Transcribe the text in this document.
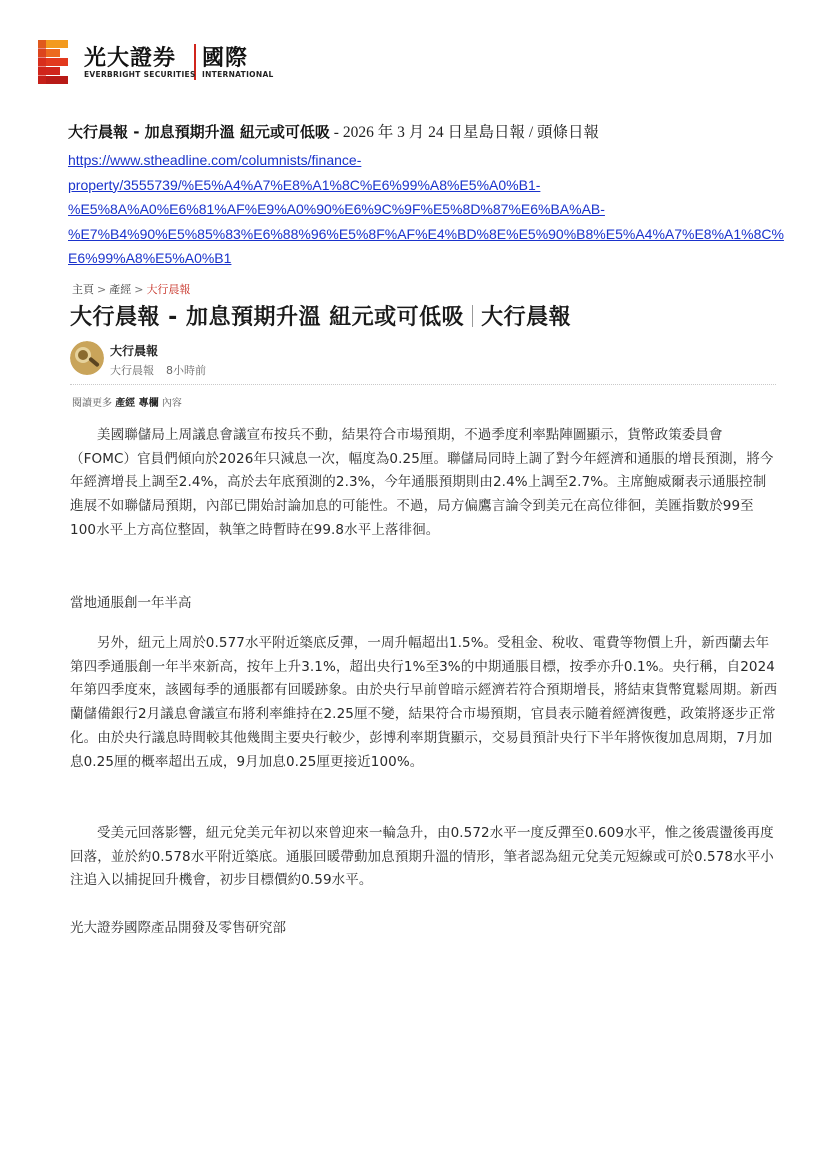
光大證券 國際
EVERBRIGHT SECURITIES INTERNATIONAL
大行晨報 - 加息預期升溫 紐元或可低吸 - 2026 年 3 月 24 日星島日報 / 頭條日報
https://www.stheadline.com/columnists/finance-
property/3555739/%E5%A4%A7%E8%A1%8C%E6%99%A8%E5%A0%B1-
%E5%8A%A0%E6%81%AF%E9%A0%90%E6%9C%9F%E5%8D%87%E6%BA%AB-
%E7%B4%90%E5%85%83%E6%88%96%E5%8F%AF%E4%BD%8E%E5%90%B8%E5%A4%A7%E8%A1%8C%
E6%99%A8%E5%A0%B1
主頁 > 產經 > 大行晨報
大行晨報 - 加息預期升溫 紐元或可低吸 大行晨報
大行晨報
大行晨報 8小時前
閱讀更多 產經 專欄 內容

美國聯儲局上周議息會議宣布按兵不動，結果符合市場預期，不過季度利率點陣圖顯示，貨幣政策委員會（FOMC）官員們傾向於2026年只減息一次，幅度為0.25厘。聯儲局同時上調了對今年經濟和通脹的增長預測，將今年經濟增長上調至2.4%，高於去年底預測的2.3%，今年通脹預期則由2.4%上調至2.7%。主席鮑威爾表示通脹控制進展不如聯儲局預期，內部已開始討論加息的可能性。不過，局方偏鷹言論令到美元在高位徘徊，美匯指數於99至100水平上方高位整固，執筆之時暫時在99.8水平上落徘徊。

當地通脹創一年半高

另外，紐元上周於0.577水平附近築底反彈，一周升幅超出1.5%。受租金、稅收、電費等物價上升，新西蘭去年第四季通脹創一年半來新高，按年上升3.1%，超出央行1%至3%的中期通脹目標，按季亦升0.1%。央行稱，自2024年第四季度來，該國每季的通脹都有回暖跡象。由於央行早前曾暗示經濟若符合預期增長，將結束貨幣寬鬆周期。新西蘭儲備銀行2月議息會議宣布將利率維持在2.25厘不變，結果符合市場預期，官員表示隨着經濟復甦，政策將逐步正常化。由於央行議息時間較其他幾間主要央行較少，彭博利率期貨顯示，交易員預計央行下半年將恢復加息周期，7月加息0.25厘的概率超出五成，9月加息0.25厘更接近100%。

受美元回落影響，紐元兌美元年初以來曾迎來一輪急升，由0.572水平一度反彈至0.609水平，惟之後震盪後再度回落，並於約0.578水平附近築底。通脹回暖帶動加息預期升溫的情形，筆者認為紐元兌美元短線或可於0.578水平小注追入以捕捉回升機會，初步目標價約0.59水平。

光大證券國際產品開發及零售研究部
